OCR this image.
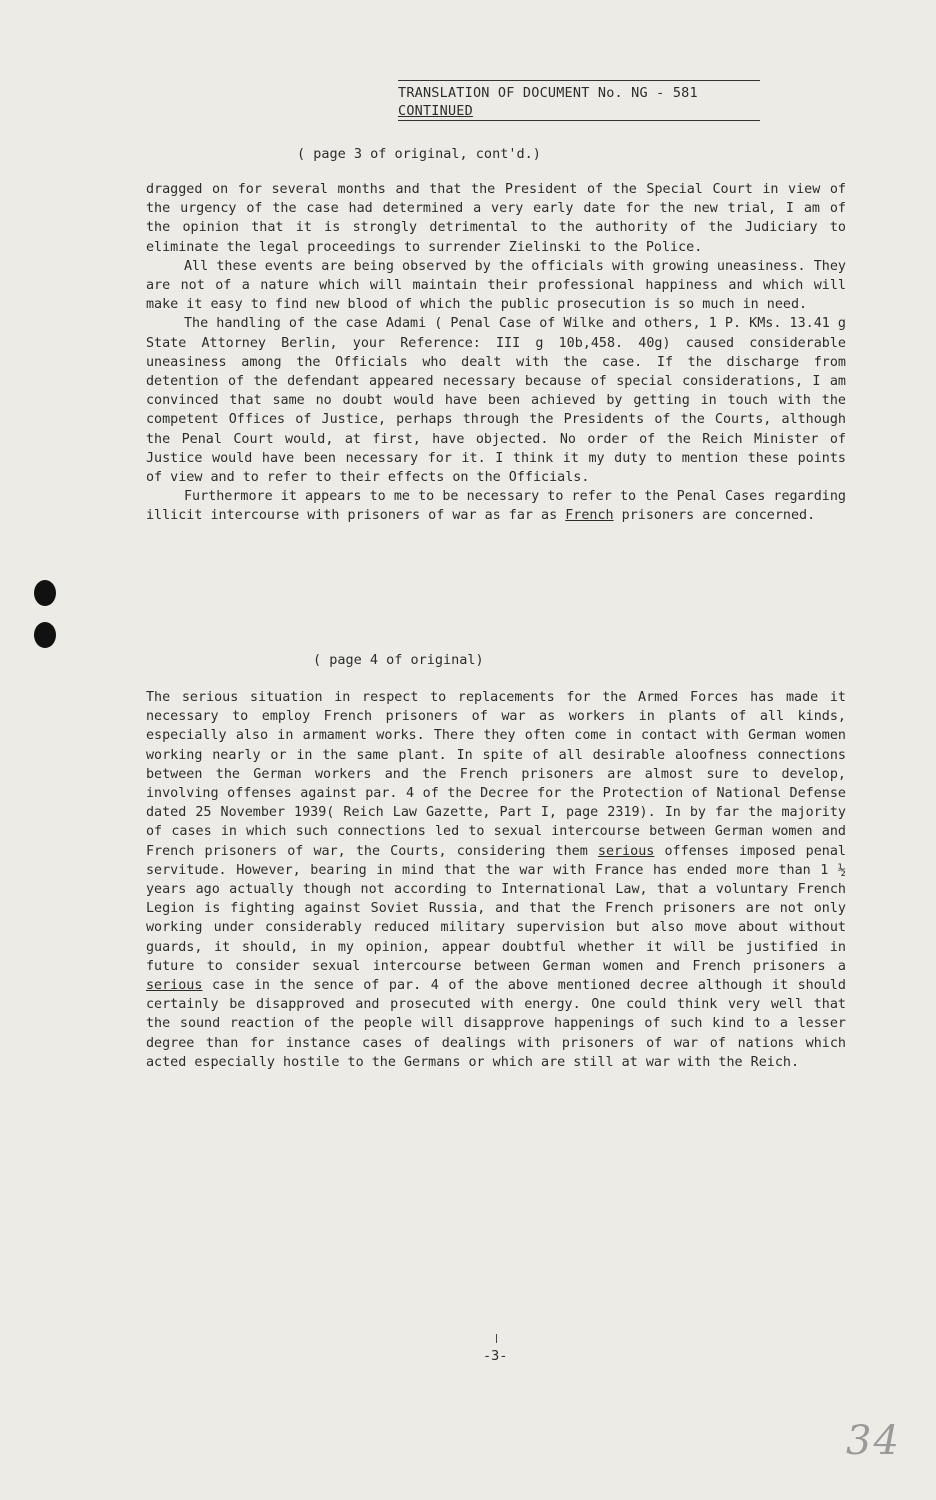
TRANSLATION OF DOCUMENT No. NG - 581
CONTINUED
( page 3 of original, cont'd.)

dragged on for several months and that the President of the Special Court in view of the urgency of the case had determined a very early date for the new trial, I am of the opinion that it is strongly detrimental to the authority of the Judiciary to eliminate the legal proceedings to surrender Zielinski to the Police.

All these events are being observed by the officials with growing uneasiness. They are not of a nature which will maintain their professional happiness and which will make it easy to find new blood of which the public prosecution is so much in need.

The handling of the case Adami ( Penal Case of Wilke and others, 1 P. KMs. 13.41 g State Attorney Berlin, your Reference: III g 10b,458. 40g) caused considerable uneasiness among the Officials who dealt with the case. If the discharge from detention of the defendant appeared necessary because of special considerations, I am convinced that same no doubt would have been achieved by getting in touch with the competent Offices of Justice, perhaps through the Presidents of the Courts, although the Penal Court would, at first, have objected. No order of the Reich Minister of Justice would have been necessary for it. I think it my duty to mention these points of view and to refer to their effects on the Officials.

Furthermore it appears to me to be necessary to refer to the Penal Cases regarding illicit intercourse with prisoners of war as far as French prisoners are concerned.

( page 4 of original)

The serious situation in respect to replacements for the Armed Forces has made it necessary to employ French prisoners of war as workers in plants of all kinds, especially also in armament works. There they often come in contact with German women working nearly or in the same plant. In spite of all desirable aloofness connections between the German workers and the French prisoners are almost sure to develop, involving offenses against par. 4 of the Decree for the Protection of National Defense dated 25 November 1939( Reich Law Gazette, Part I, page 2319). In by far the majority of cases in which such connections led to sexual intercourse between German women and French prisoners of war, the Courts, considering them serious offenses imposed penal servitude. However, bearing in mind that the war with France has ended more than 1 ½ years ago actually though not according to International Law, that a voluntary French Legion is fighting against Soviet Russia, and that the French prisoners are not only working under considerably reduced military supervision but also move about without guards, it should, in my opinion, appear doubtful whether it will be justified in future to consider sexual intercourse between German women and French prisoners a serious case in the sence of par. 4 of the above mentioned decree although it should certainly be disapproved and prosecuted with energy. One could think very well that the sound reaction of the people will disapprove happenings of such kind to a lesser degree than for instance cases of dealings with prisoners of war of nations which acted especially hostile to the Germans or which are still at war with the Reich.

-3-
34
